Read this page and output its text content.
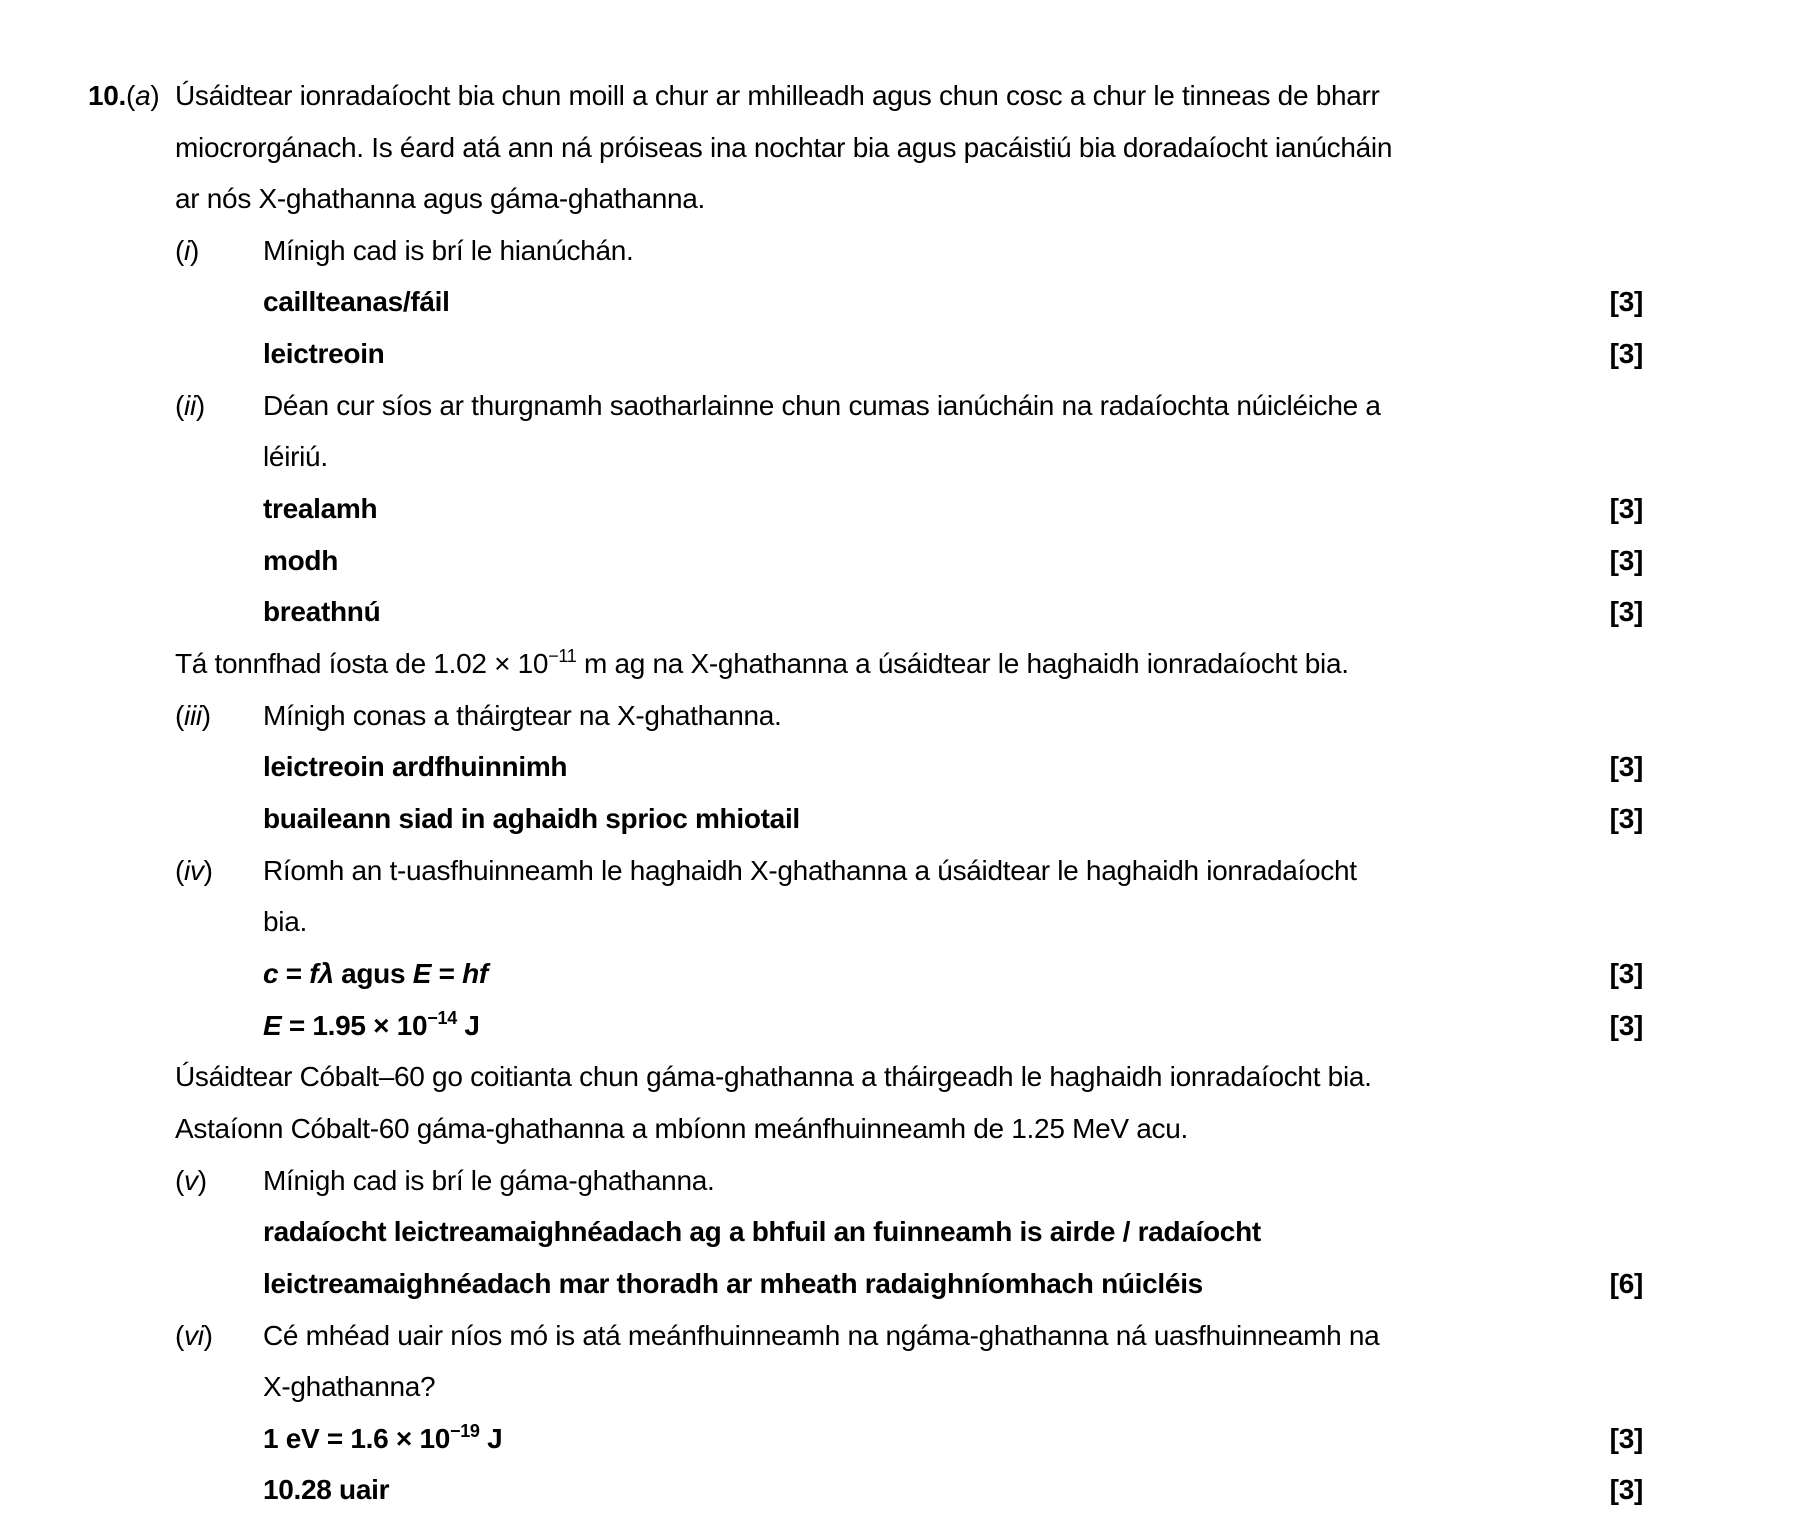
10.(a) Úsáidtear ionradaíocht bia chun moill a chur ar mhilleadh agus chun cosc a chur le tinneas de bharr
miocrorgánach. Is éard atá ann ná próiseas ina nochtar bia agus pacáistiú bia doradaíocht ianúcháin
ar nós X-ghathanna agus gáma-ghathanna.
(i) Mínigh cad is brí le hianúchán.
caillteanas/fáil	[3]
leictreoin	[3]
(ii) Déan cur síos ar thurgnamh saotharlainne chun cumas ianúcháin na radaíochta núicléiche a
léiriú.
trealamh	[3]
modh	[3]
breathnú	[3]
Tá tonnfhad íosta de $1.02 \times 10^{-11}$ m ag na X-ghathanna a úsáidtear le haghaidh ionradaíocht bia.
(iii) Mínigh conas a tháirgtear na X-ghathanna.
leictreoin ardfhuinnimh	[3]
buaileann siad in aghaidh sprioc mhiotail	[3]
(iv) Ríomh an t-uasfhuinneamh le haghaidh X-ghathanna a úsáidtear le haghaidh ionradaíocht
bia.
c = fλ agus E = hf	[3]
$E = 1.95 \times 10^{-14}$ J	[3]
Úsáidtear Cóbalt–60 go coitianta chun gáma-ghathanna a tháirgeadh le haghaidh ionradaíocht bia.
Astaíonn Cóbalt-60 gáma-ghathanna a mbíonn meánfhuinneamh de 1.25 MeV acu.
(v) Mínigh cad is brí le gáma-ghathanna.
radaíocht leictreamaighnéadach ag a bhfuil an fuinneamh is airde / radaíocht
leictreamaighnéadach mar thoradh ar mheath radaighníomhach núicléis	[6]
(vi) Cé mhéad uair níos mó is atá meánfhuinneamh na ngáma-ghathanna ná uasfhuinneamh na
X-ghathanna?
1 eV = $1.6 \times 10^{-19}$ J	[3]
10.28 uair	[3]
